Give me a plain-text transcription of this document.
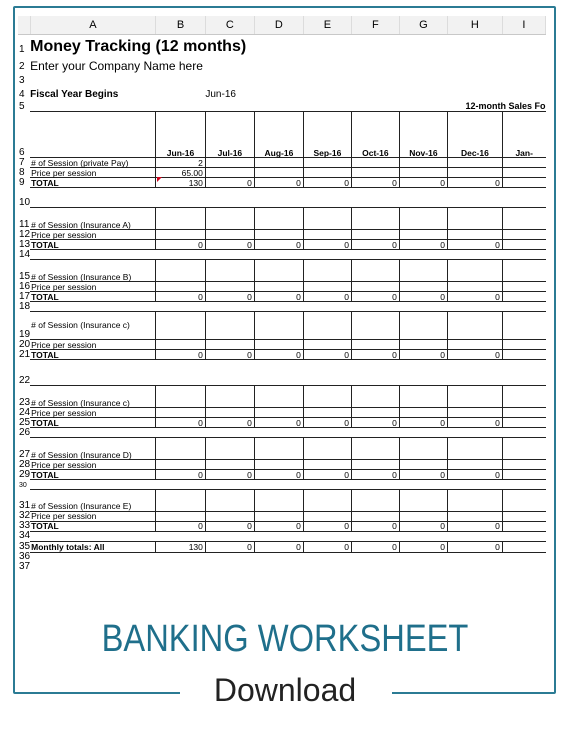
	A	B	C	D	E	F	G	H	I
1	Money Tracking (12 months)								
2	Enter your Company Name here								
3									
4	Fiscal Year Begins		Jun-16						
5								12-month Sales Fo	
6		Jun-16	Jul-16	Aug-16	Sep-16	Oct-16	Nov-16	Dec-16	Jan-
7	# of Session (private Pay)	2							
8	Price per session	65.00							
9	TOTAL	130	0	0	0	0	0	0	
10									
11	# of Session (Insurance A)								
12	Price per session								
13	TOTAL	0	0	0	0	0	0	0	
14									
15	# of Session (Insurance B)								
16	Price per session								
17	TOTAL	0	0	0	0	0	0	0	
18									
19	# of Session (Insurance c)								
20	Price per session								
21	TOTAL	0	0	0	0	0	0	0	
22									
23	# of Session (Insurance c)								
24	Price per session								
25	TOTAL	0	0	0	0	0	0	0	
26									
27	# of Session (Insurance D)								
28	Price per session								
29	TOTAL	0	0	0	0	0	0	0	
30									
31	# of Session (Insurance E)								
32	Price per session								
33	TOTAL	0	0	0	0	0	0	0	
34									
35	Monthly totals: All	130	0	0	0	0	0	0	
36									
37									
BANKING WORKSHEET
Download
